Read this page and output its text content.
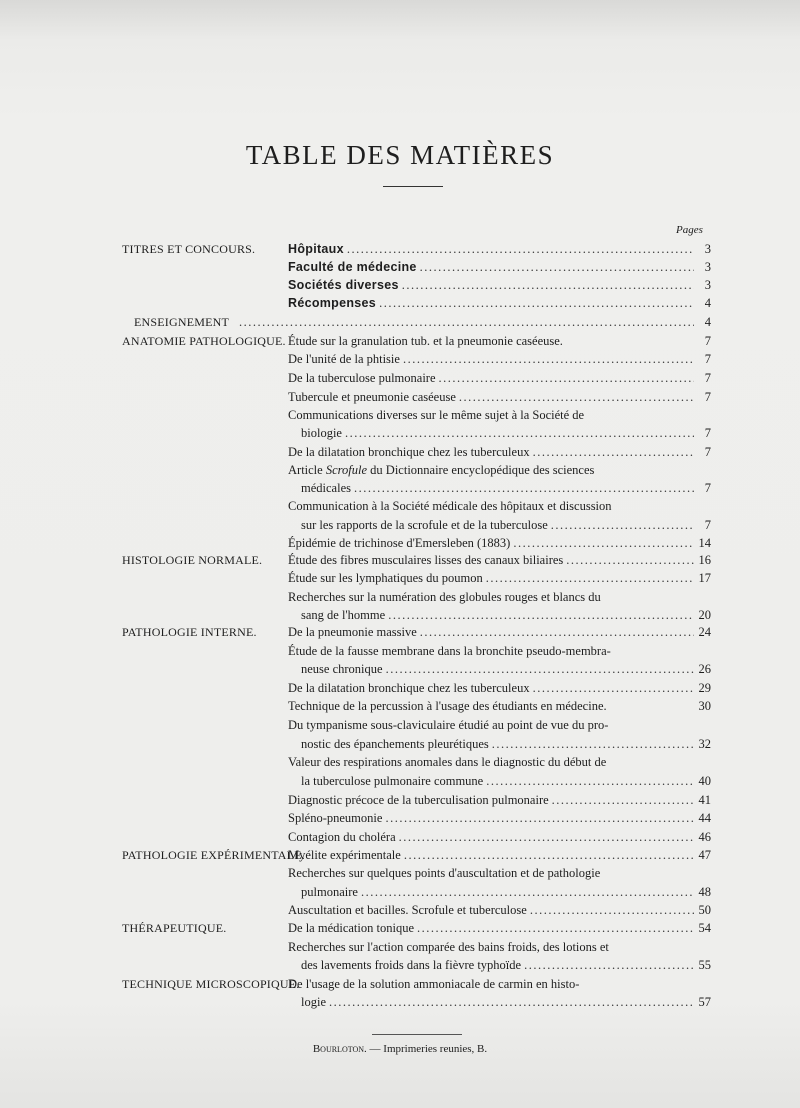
TABLE DES MATIÈRES
Pages
TITRES ET CONCOURS.	Hôpitaux .....	3
Faculté de médecine .....	3
Sociétés diverses .....	3
Récompenses .....	4
ENSEIGNEMENT .....	4
ANATOMIE PATHOLOGIQUE. Étude sur la granulation tub. et la pneumonie caséeuse.	7
De l'unité de la phtisie .....	7
De la tuberculose pulmonaire .....	7
Tubercule et pneumonie caséeuse .....	7
Communications diverses sur le même sujet à la Société de
biologie .....	7
De la dilatation bronchique chez les tuberculeux .....	7
Article Scrofule du Dictionnaire encyclopédique des sciences
médicales .....	7
Communication à la Société médicale des hôpitaux et discussion
sur les rapports de la scrofule et de la tuberculose .....	7
Épidémie de trichinose d'Emersleben (1883) .....	14
HISTOLOGIE NORMALE. Étude des fibres musculaires lisses des canaux biliaires .....	16
Étude sur les lymphatiques du poumon .....	17
Recherches sur la numération des globules rouges et blancs du
sang de l'homme .....	20
PATHOLOGIE INTERNE.	De la pneumonie massive .....	24
Étude de la fausse membrane dans la bronchite pseudo-membra-
neuse chronique .....	26
De la dilatation bronchique chez les tuberculeux .....	29
Technique de la percussion à l'usage des étudiants en médecine.	30
Du tympanisme sous-claviculaire étudié au point de vue du pro-
nostic des épanchements pleurétiques .....	32
Valeur des respirations anomales dans le diagnostic du début de
la tuberculose pulmonaire commune .....	40
Diagnostic précoce de la tuberculisation pulmonaire .....	41
Spléno-pneumonie .....	44
Contagion du choléra .....	46
PATHOLOGIE EXPÉRIMENTALE.
Myélite expérimentale .....	47
Recherches sur quelques points d'auscultation et de pathologie
pulmonaire .....	48
Auscultation et bacilles. Scrofule et tuberculose .....	50
THÉRAPEUTIQUE.	De la médication tonique .....	54
Recherches sur l'action comparée des bains froids, des lotions et
des lavements froids dans la fièvre typhoïde .....	55
TECHNIQUE MICROSCOPIQUE.
De l'usage de la solution ammoniacale de carmin en histo-
logie .....	57
Bourloton. — Imprimeries reunies, B.
